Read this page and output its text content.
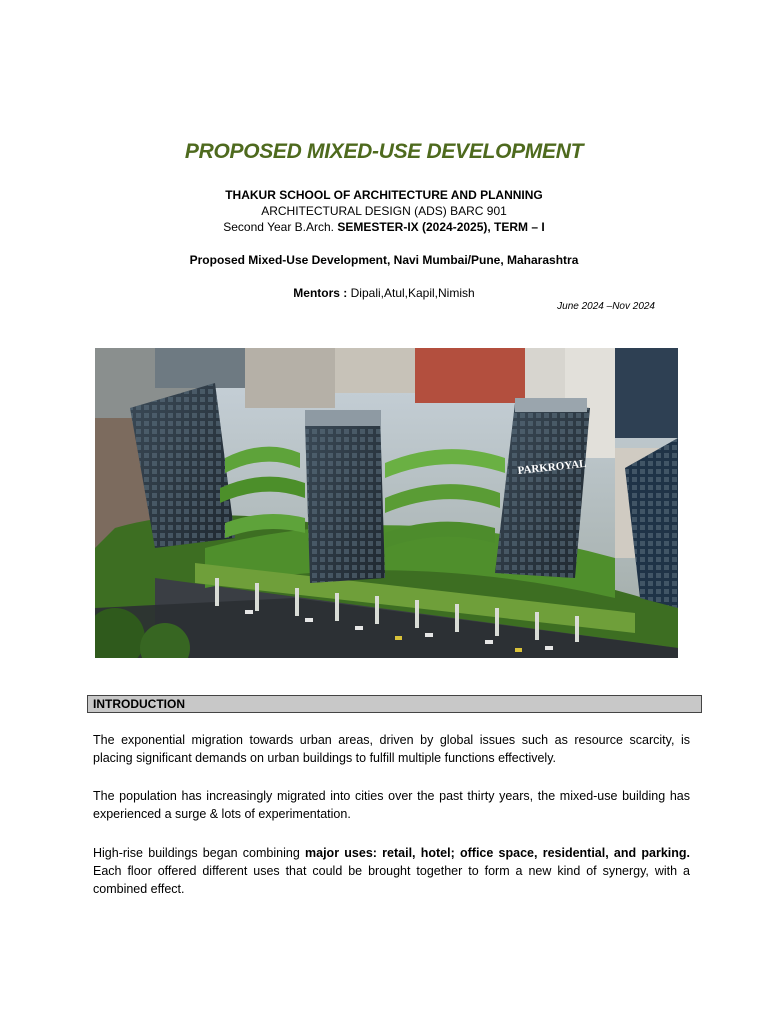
PROPOSED MIXED-USE DEVELOPMENT
THAKUR SCHOOL OF ARCHITECTURE AND PLANNING
ARCHITECTURAL DESIGN (ADS) BARC 901
Second Year B.Arch. SEMESTER-IX (2024-2025), TERM – I
Proposed Mixed-Use Development, Navi Mumbai/Pune, Maharashtra
Mentors : Dipali,Atul,Kapil,Nimish
June 2024 –Nov 2024
PARKROYAL
INTRODUCTION
The exponential migration towards urban areas, driven by global issues such as resource scarcity, is placing significant demands on urban buildings to fulfill multiple functions effectively.
The population has increasingly migrated into cities over the past thirty years, the mixed-use building has experienced a surge & lots of experimentation.
High-rise buildings began combining major uses: retail, hotel; office space, residential, and parking. Each floor offered different uses that could be brought together to form a new kind of synergy, with a combined effect.
